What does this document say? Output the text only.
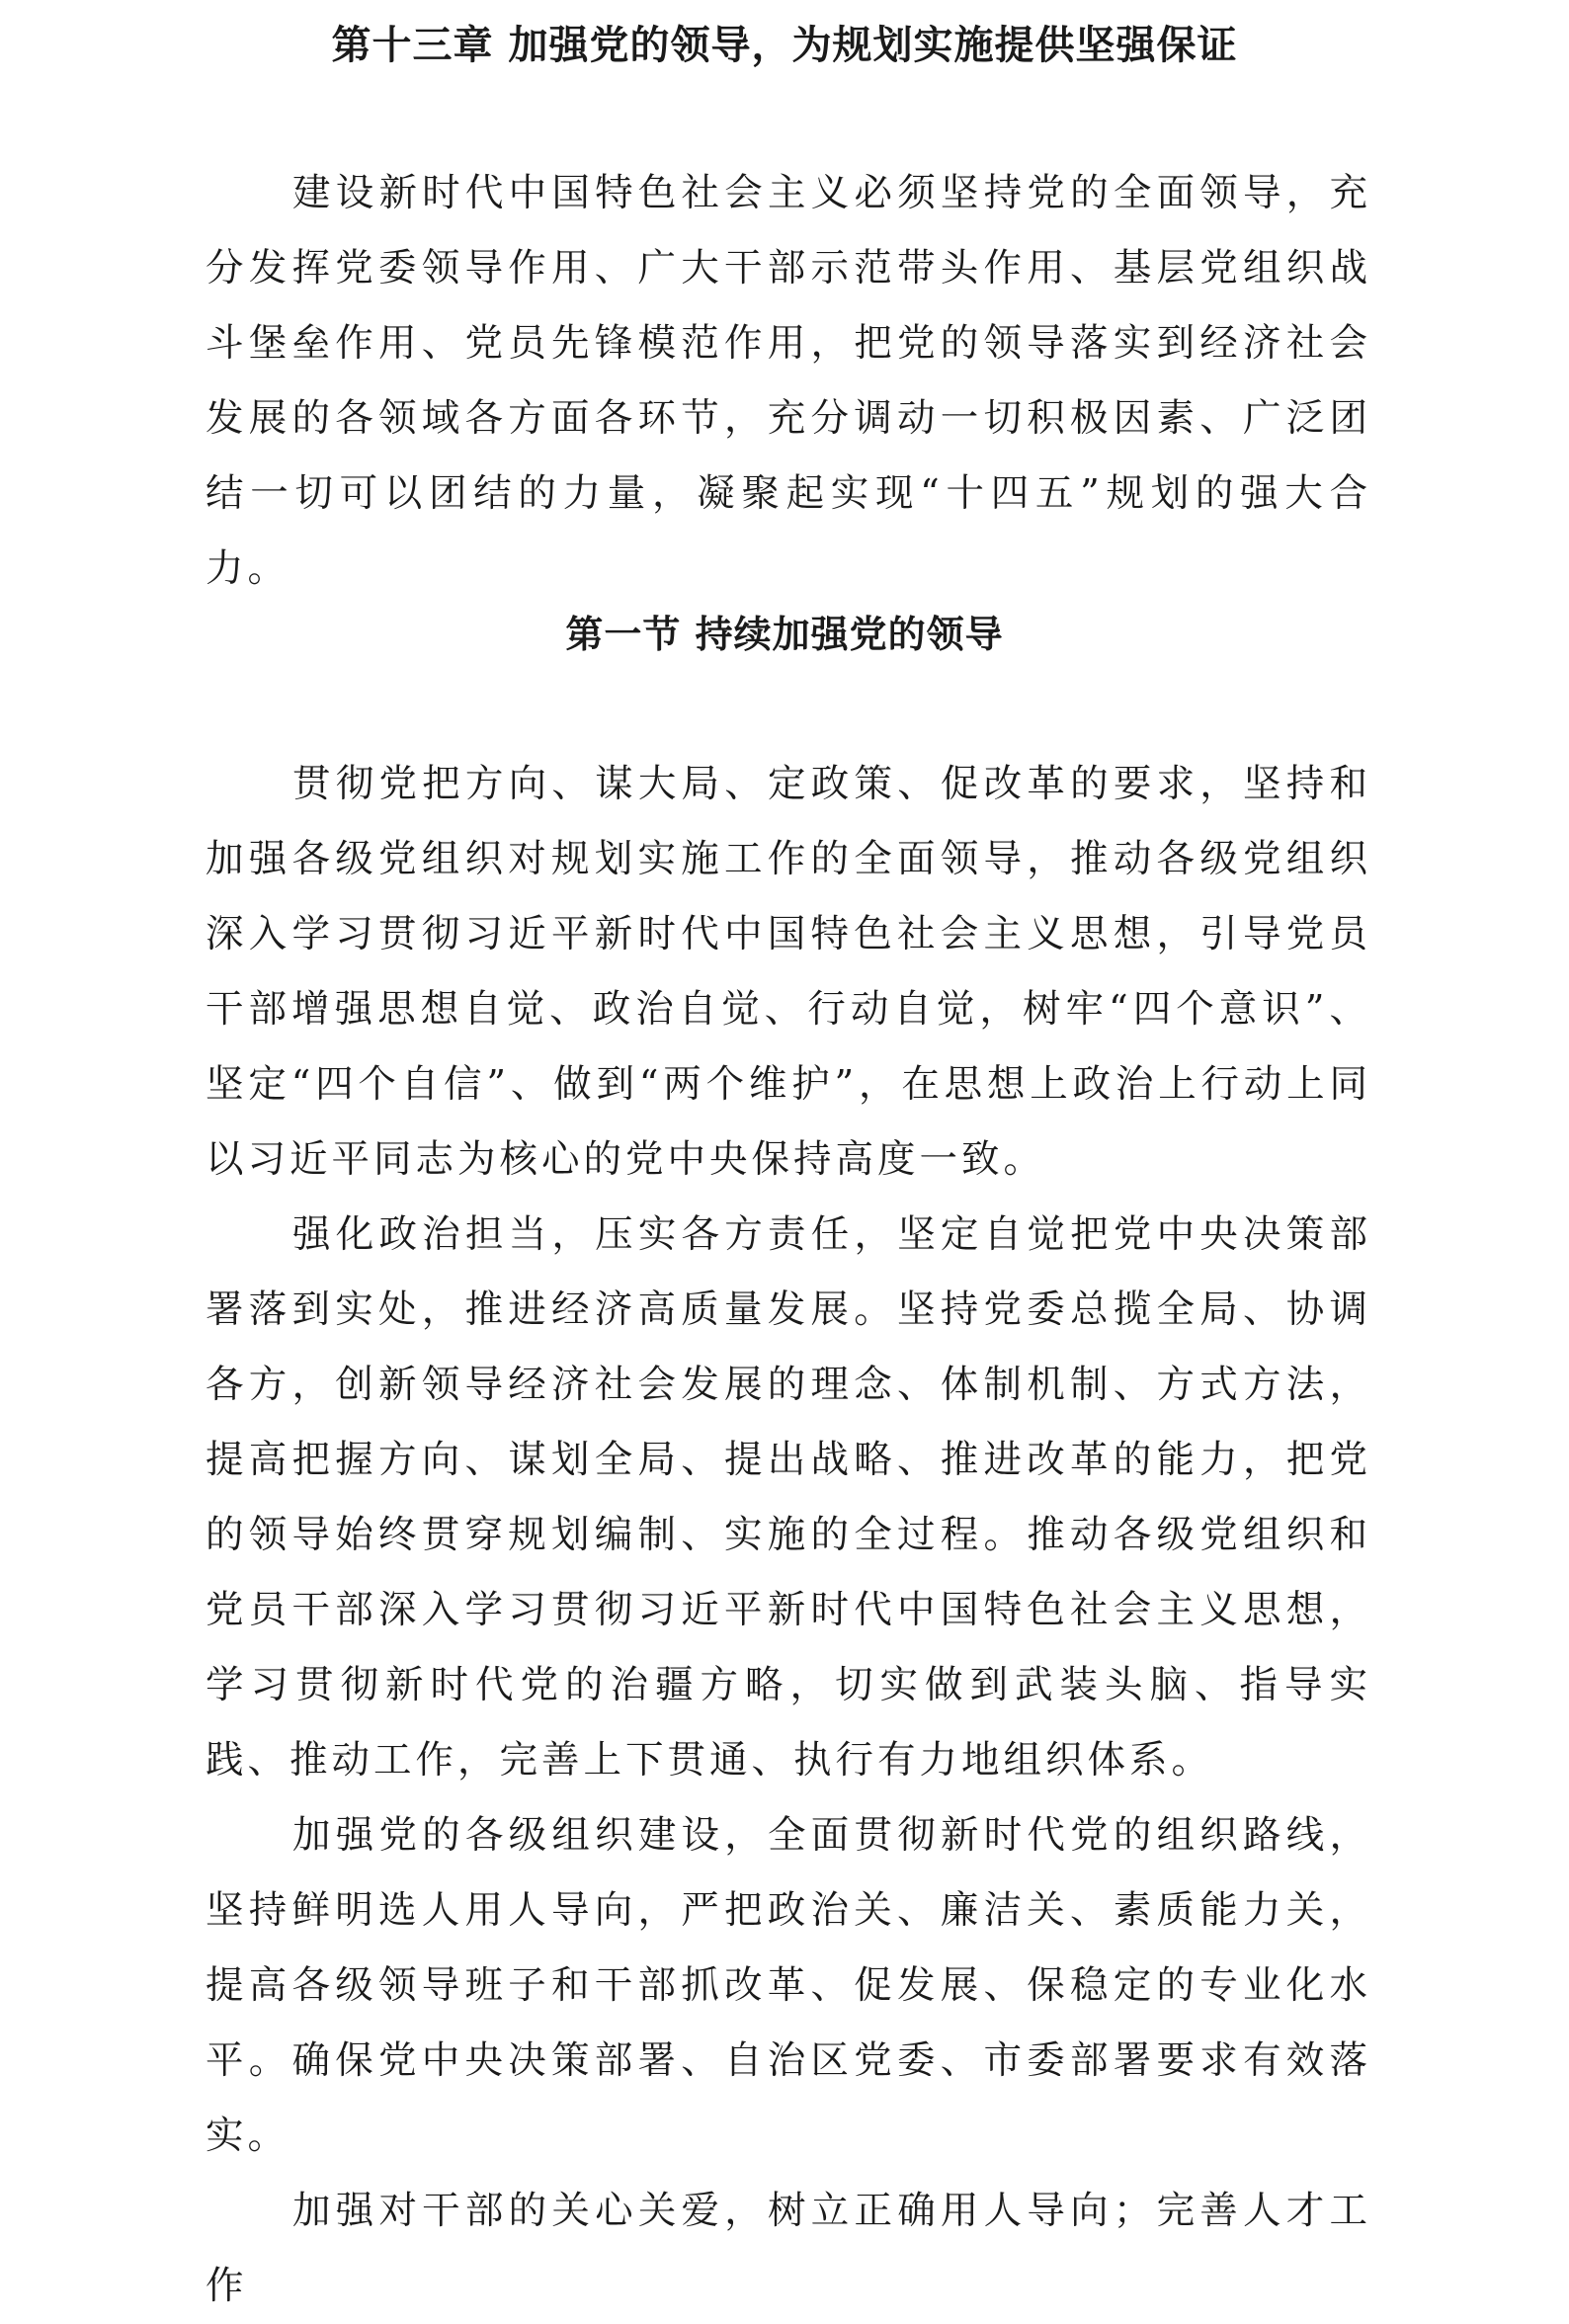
第十三章 加强党的领导，为规划实施提供坚强保证

建设新时代中国特色社会主义必须坚持党的全面领导，充分发挥党委领导作用、广大干部示范带头作用、基层党组织战斗堡垒作用、党员先锋模范作用，把党的领导落实到经济社会发展的各领域各方面各环节，充分调动一切积极因素、广泛团结一切可以团结的力量，凝聚起实现“十四五”规划的强大合力。

第一节 持续加强党的领导

贯彻党把方向、谋大局、定政策、促改革的要求，坚持和加强各级党组织对规划实施工作的全面领导，推动各级党组织深入学习贯彻习近平新时代中国特色社会主义思想，引导党员干部增强思想自觉、政治自觉、行动自觉，树牢“四个意识”、坚定“四个自信”、做到“两个维护”，在思想上政治上行动上同以习近平同志为核心的党中央保持高度一致。

强化政治担当，压实各方责任，坚定自觉把党中央决策部署落到实处，推进经济高质量发展。坚持党委总揽全局、协调各方，创新领导经济社会发展的理念、体制机制、方式方法，提高把握方向、谋划全局、提出战略、推进改革的能力，把党的领导始终贯穿规划编制、实施的全过程。推动各级党组织和党员干部深入学习贯彻习近平新时代中国特色社会主义思想，学习贯彻新时代党的治疆方略，切实做到武装头脑、指导实践、推动工作，完善上下贯通、执行有力地组织体系。

加强党的各级组织建设，全面贯彻新时代党的组织路线，坚持鲜明选人用人导向，严把政治关、廉洁关、素质能力关，提高各级领导班子和干部抓改革、促发展、保稳定的专业化水平。确保党中央决策部署、自治区党委、市委部署要求有效落实。

加强对干部的关心关爱，树立正确用人导向；完善人才工作
